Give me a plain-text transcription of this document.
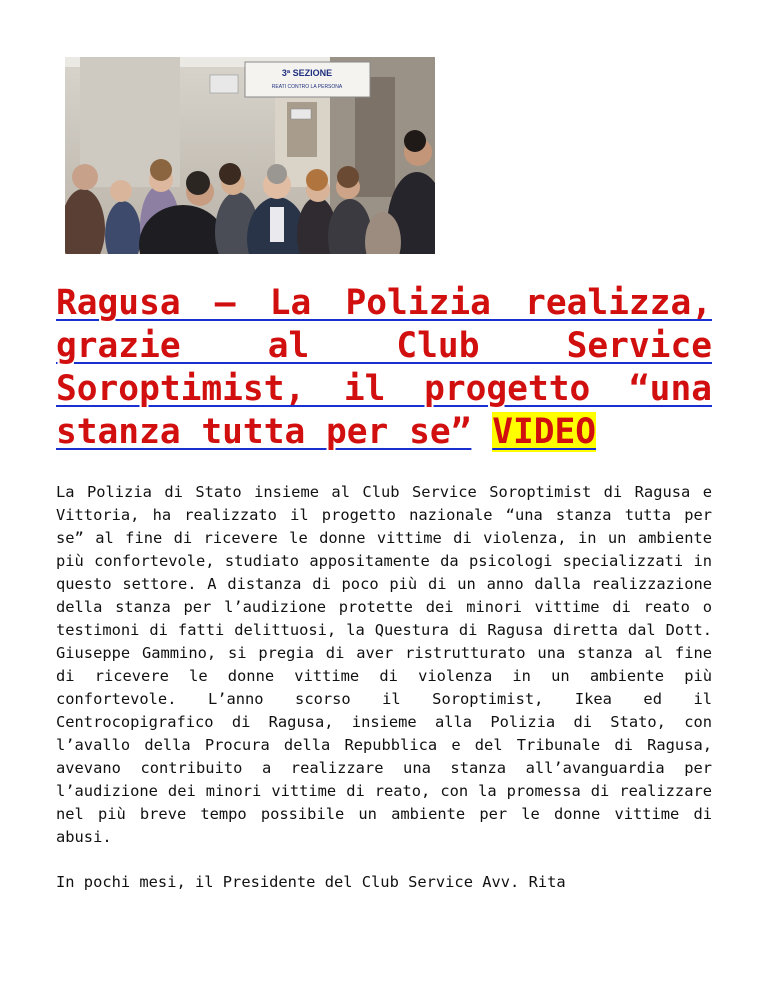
3ª SEZIONE
REATI CONTRO LA PERSONA
Ragusa – La Polizia realizza, grazie al Club Service Soroptimist, il progetto “una stanza tutta per se” VIDEO

La Polizia di Stato insieme al Club Service Soroptimist di Ragusa e Vittoria, ha realizzato il progetto nazionale “una stanza tutta per se” al fine di ricevere le donne vittime di violenza, in un ambiente più confortevole, studiato appositamente da psicologi specializzati in questo settore. A distanza di poco più di un anno dalla realizzazione della stanza per l’audizione protette dei minori vittime di reato o testimoni di fatti delittuosi, la Questura di Ragusa diretta dal Dott. Giuseppe Gammino, si pregia di aver ristrutturato una stanza al fine di ricevere le donne vittime di violenza in un ambiente più confortevole. L’anno scorso il Soroptimist, Ikea ed il Centrocopigrafico di Ragusa, insieme alla Polizia di Stato, con l’avallo della Procura della Repubblica e del Tribunale di Ragusa, avevano contribuito a realizzare una stanza all’avanguardia per l’audizione dei minori vittime di reato, con la promessa di realizzare nel più breve tempo possibile un ambiente per le donne vittime di abusi.

In pochi mesi, il Presidente del Club Service Avv. Rita
